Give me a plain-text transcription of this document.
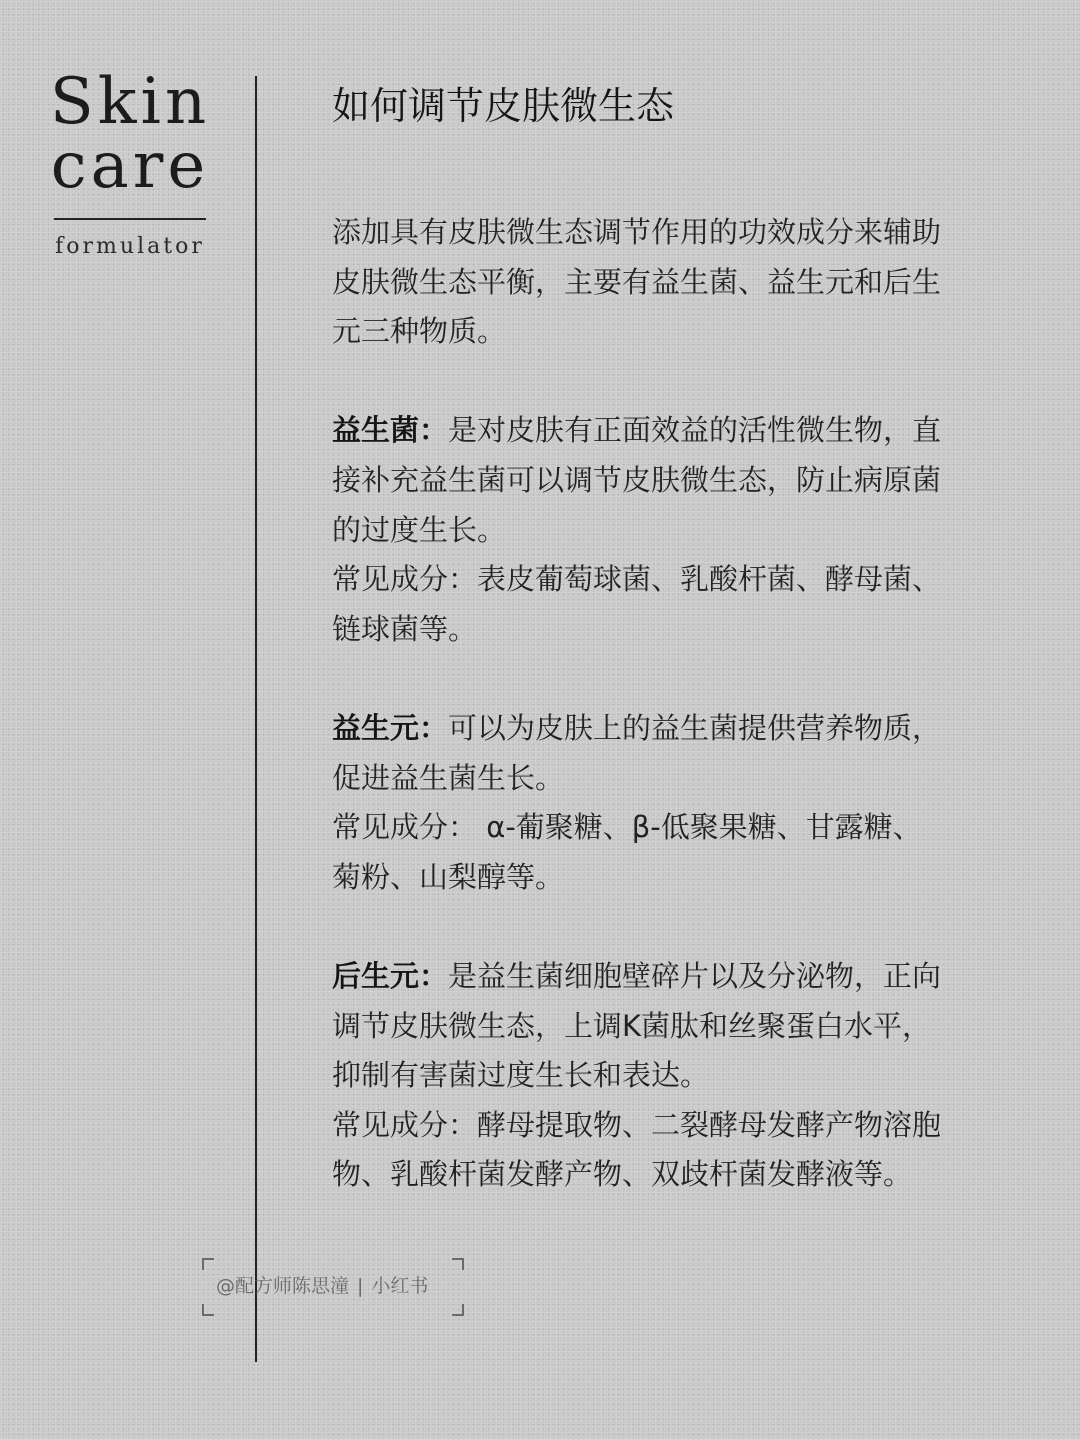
Skin
care
formulator
如何调节皮肤微生态

添加具有皮肤微生态调节作用的功效成分来辅助

皮肤微生态平衡，主要有益生菌、益生元和后生

元三种物质。

益生菌：是对皮肤有正面效益的活性微生物，直

接补充益生菌可以调节皮肤微生态，防止病原菌

的过度生长。

常见成分：表皮葡萄球菌、乳酸杆菌、酵母菌、

链球菌等。

益生元：可以为皮肤上的益生菌提供营养物质，

促进益生菌生长。

常见成分： α-葡聚糖、β-低聚果糖、甘露糖、

菊粉、山梨醇等。

后生元：是益生菌细胞壁碎片以及分泌物，正向

调节皮肤微生态，上调K菌肽和丝聚蛋白水平，

抑制有害菌过度生长和表达。

常见成分：酵母提取物、二裂酵母发酵产物溶胞

物、乳酸杆菌发酵产物、双歧杆菌发酵液等。

@配方师陈思潼 | 小红书
